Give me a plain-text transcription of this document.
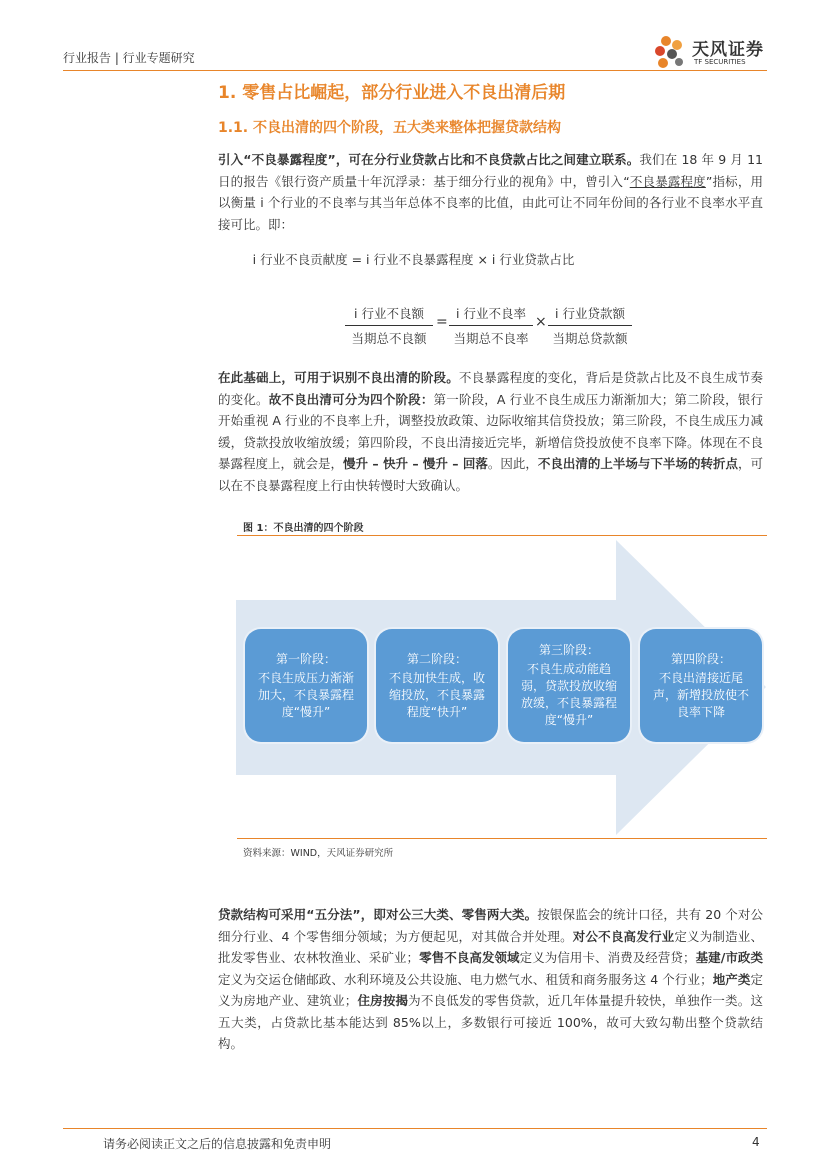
行业报告 | 行业专题研究	天风证券
TF SECURITIES
1. 零售占比崛起，部分行业进入不良出清后期
1.1. 不良出清的四个阶段，五大类来整体把握贷款结构

引入“不良暴露程度”，可在分行业贷款占比和不良贷款占比之间建立联系。我们在 18 年 9 月 11 日的报告《银行资产质量十年沉浮录：基于细分行业的视角》中，曾引入“不良暴露程度”指标，用以衡量 i 个行业的不良率与其当年总体不良率的比值，由此可让不同年份间的各行业不良率水平直接可比。即：

i 行业不良贡献度 = i 行业不良暴露程度 × i 行业贷款占比
i 行业不良额
当期总不良额
=
i 行业不良率
当期总不良率
×
i 行业贷款额
当期总贷款额

在此基础上，可用于识别不良出清的阶段。不良暴露程度的变化，背后是贷款占比及不良生成节奏的变化。故不良出清可分为四个阶段：第一阶段，A 行业不良生成压力渐渐加大；第二阶段，银行开始重视 A 行业的不良率上升，调整投放政策、边际收缩其信贷投放；第三阶段，不良生成压力减缓，贷款投放收缩放缓；第四阶段，不良出清接近完毕，新增信贷投放使不良率下降。体现在不良暴露程度上，就会是，慢升 – 快升 – 慢升 – 回落。因此，不良出清的上半场与下半场的转折点，可以在不良暴露程度上行由快转慢时大致确认。

图 1：不良出清的四个阶段
第一阶段：
不良生成压力渐渐加大，不良暴露程度“慢升”
第二阶段：
不良加快生成，收缩投放，不良暴露程度“快升”
第三阶段：
不良生成动能趋弱，贷款投放收缩放缓，不良暴露程度“慢升”
第四阶段：
不良出清接近尾声，新增投放使不良率下降
资料来源：WIND，天风证券研究所

贷款结构可采用“五分法”，即对公三大类、零售两大类。按银保监会的统计口径，共有 20 个对公细分行业、4 个零售细分领域；为方便起见，对其做合并处理。对公不良高发行业定义为制造业、批发零售业、农林牧渔业、采矿业；零售不良高发领域定义为信用卡、消费及经营贷；基建/市政类定义为交运仓储邮政、水利环境及公共设施、电力燃气水、租赁和商务服务这 4 个行业；地产类定义为房地产业、建筑业；住房按揭为不良低发的零售贷款，近几年体量提升较快，单独作一类。这五大类，占贷款比基本能达到 85%以上，多数银行可接近 100%，故可大致勾勒出整个贷款结构。

请务必阅读正文之后的信息披露和免责申明	4
